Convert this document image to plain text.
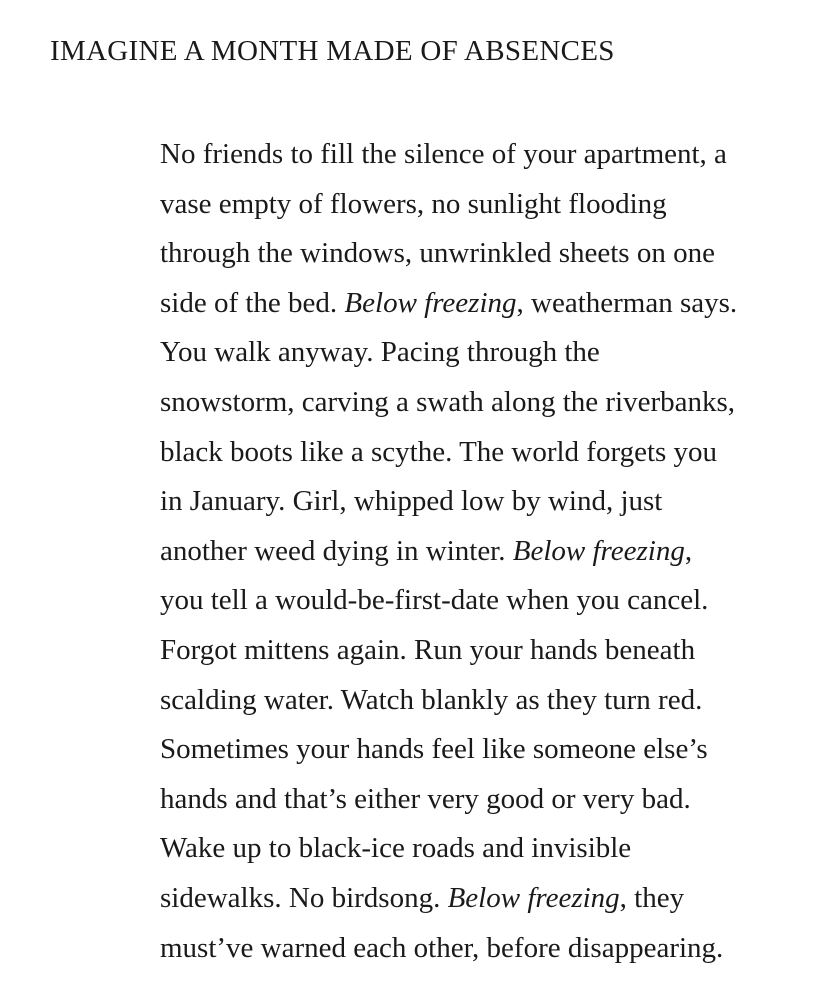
IMAGINE A MONTH MADE OF ABSENCES
No friends to fill the silence of your apartment, a
vase empty of flowers, no sunlight flooding
through the windows, unwrinkled sheets on one
side of the bed. Below freezing, weatherman says.
You walk anyway. Pacing through the
snowstorm, carving a swath along the riverbanks,
black boots like a scythe. The world forgets you
in January. Girl, whipped low by wind, just
another weed dying in winter. Below freezing,
you tell a would-be-first-date when you cancel.
Forgot mittens again. Run your hands beneath
scalding water. Watch blankly as they turn red.
Sometimes your hands feel like someone else’s
hands and that’s either very good or very bad.
Wake up to black-ice roads and invisible
sidewalks. No birdsong. Below freezing, they
must’ve warned each other, before disappearing.
